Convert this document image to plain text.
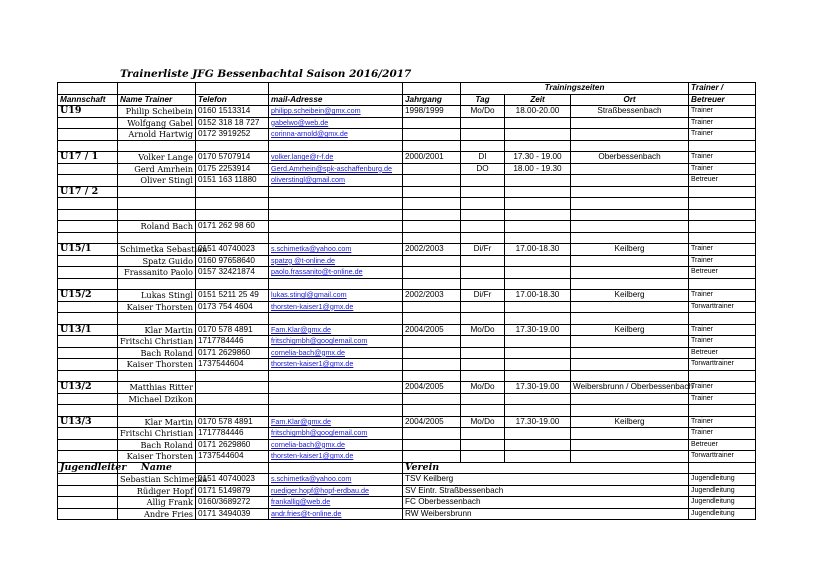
Trainerliste JFG Bessenbachtal Saison 2016/2017
					Trainingszeiten			Trainer /
Mannschaft	Name Trainer	Telefon	mail-Adresse	Jahrgang	Tag	Zeit	Ort	Betreuer
U19	Philip Scheibein	0160 1513314	philipp.scheibein@gmx.com	1998/1999	Mo/Do	18.00-20.00	Straßbessenbach	Trainer
	Wolfgang Gabel	0152 318 18 727	gabelwo@web.de					Trainer
	Arnold Hartwig	0172 3919252	corinna-arnold@gmx.de					Trainer

U17 / 1	Volker Lange	0170 5707914	volker.lange@r-f.de	2000/2001	DI	17.30 - 19.00	Oberbessenbach	Trainer
	Gerd Amrhein	0175 2253914	Gerd.Amrhein@spk-aschaffenburg.de		DO	18.00 - 19.30		Trainer
	Oliver Stingl	0151 163 11880	oliverstingl@gmail.com					Betreuer
U17 / 2								

	Roland Bach	0171 262 98 60						

U15/1	Schimetka Sebastian	0151 40740023	s.schimetka@yahoo.com	2002/2003	Di/Fr	17.00-18.30	Keilberg	Trainer
	Spatz Guido	0160 97658640	spatzg @t-online.de					Trainer
	Frassanito Paolo	0157 32421874	paolo.frassanito@t-online.de					Betreuer

U15/2	Lukas Stingl	0151 5211 25 49	lukas.stingl@gmail.com	2002/2003	Di/Fr	17.00-18.30	Keilberg	Trainer
	Kaiser Thorsten	0173 754 4604	thorsten-kaiser1@gmx.de					Torwarttrainer

U13/1	Klar Martin	0170 578 4891	Fam.Klar@gmx.de	2004/2005	Mo/Do	17.30-19.00	Keilberg	Trainer
	Fritschi Christian	1717784446	fritschigmbh@googlemail.com					Trainer
	Bach Roland	0171 2629860	cornelia-bach@gmx.de					Betreuer
	Kaiser Thorsten	1737544604	thorsten-kaiser1@gmx.de					Torwarttrainer

U13/2	Matthias Ritter			2004/2005	Mo/Do	17.30-19.00	Weibersbrunn / Oberbessenbach	Trainer
	Michael Dzikon							Trainer

U13/3	Klar Martin	0170 578 4891	Fam.Klar@gmx.de	2004/2005	Mo/Do	17.30-19.00	Keilberg	Trainer
	Fritschi Christian	1717784446	fritschigmbh@googlemail.com					Trainer
	Bach Roland	0171 2629860	cornelia-bach@gmx.de					Betreuer
	Kaiser Thorsten	1737544604	thorsten-kaiser1@gmx.de					Torwarttrainer
Jugendleiter	Name			Verein				
	Sebastian Schimetka	0151 40740023	s.schimetka@yahoo.com	TSV Keilberg				Jugendleitung
	Rüdiger Hopf	0171 5149879	ruediger.hopf@hopf-erdbau.de	SV Eintr. Straßbessenbach				Jugendleitung
	Allig Frank	0160/3689272	frankallig@web.de	FC Oberbessenbach				Jugendleitung
	Andre Fries	0171 3494039	andr.fries@t-online.de	RW Weibersbrunn				Jugendleitung
